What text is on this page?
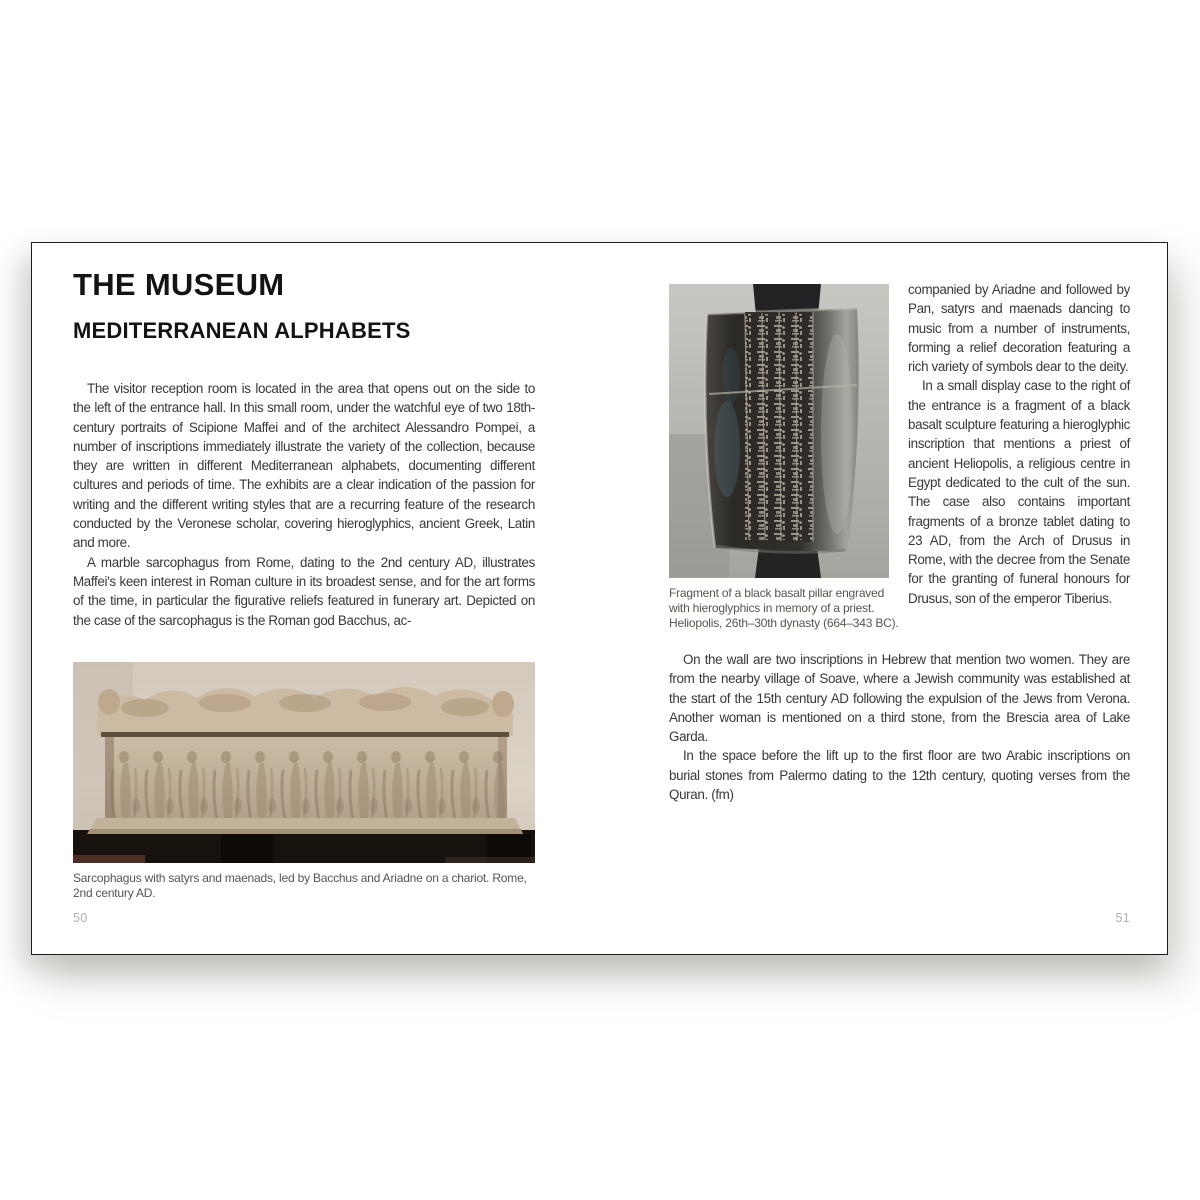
THE MUSEUM
MEDITERRANEAN ALPHABETS

The visitor reception room is located in the area that opens out on the side to the left of the entrance hall. In this small room, under the watchful eye of two 18th-century portraits of Scipione Maffei and of the architect Alessandro Pompei, a number of inscriptions immediately illustrate the variety of the collection, because they are written in different Mediterranean alphabets, documenting different cultures and periods of time. The exhibits are a clear indication of the passion for writing and the different writing styles that are a recurring feature of the research conducted by the Veronese scholar, covering hieroglyphics, ancient Greek, Latin and more.

A marble sarcophagus from Rome, dating to the 2nd century AD, illustrates Maffei's keen interest in Roman culture in its broadest sense, and for the art forms of the time, in particular the figurative reliefs featured in funerary art. Depicted on the case of the sarcophagus is the Roman god Bacchus, ac-

Sarcophagus with satyrs and maenads, led by Bacchus and Ariadne on a chariot. Rome, 2nd century AD.

50

Fragment of a black basalt pillar engraved with hieroglyphics in memory of a priest. Heliopolis, 26th–30th dynasty (664–343 BC).

companied by Ariadne and followed by Pan, satyrs and maenads dancing to music from a number of instruments, forming a relief decoration featuring a rich variety of symbols dear to the deity.

In a small display case to the right of the entrance is a fragment of a black basalt sculpture featuring a hieroglyphic inscription that mentions a priest of ancient Heliopolis, a religious centre in Egypt dedicated to the cult of the sun. The case also contains important fragments of a bronze tablet dating to 23 AD, from the Arch of Drusus in Rome, with the decree from the Senate for the granting of funeral honours for Drusus, son of the emperor Tiberius.

On the wall are two inscriptions in Hebrew that mention two women. They are from the nearby village of Soave, where a Jewish community was established at the start of the 15th century AD following the expulsion of the Jews from Verona. Another woman is mentioned on a third stone, from the Brescia area of Lake Garda.

In the space before the lift up to the first floor are two Arabic inscriptions on burial stones from Palermo dating to the 12th century, quoting verses from the Quran. (fm)

51
